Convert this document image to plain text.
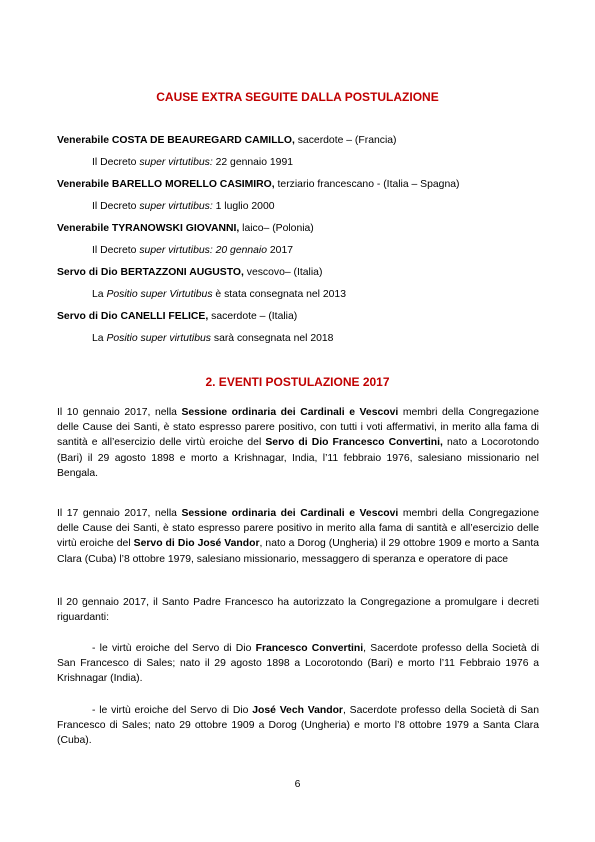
CAUSE EXTRA SEGUITE DALLA POSTULAZIONE
Venerabile COSTA DE BEAUREGARD CAMILLO, sacerdote – (Francia)
Il Decreto super virtutibus: 22 gennaio 1991
Venerabile BARELLO MORELLO CASIMIRO, terziario francescano - (Italia – Spagna)
Il Decreto super virtutibus: 1 luglio 2000
Venerabile TYRANOWSKI GIOVANNI, laico– (Polonia)
Il Decreto super virtutibus: 20 gennaio 2017
Servo di Dio BERTAZZONI AUGUSTO, vescovo– (Italia)
La Positio super Virtutibus è stata consegnata nel 2013
Servo di Dio CANELLI FELICE, sacerdote – (Italia)
La Positio super virtutibus sarà consegnata nel 2018
2. EVENTI POSTULAZIONE 2017
Il 10 gennaio 2017, nella Sessione ordinaria dei Cardinali e Vescovi membri della Congregazione delle Cause dei Santi, è stato espresso parere positivo, con tutti i voti affermativi, in merito alla fama di santità e all’esercizio delle virtù eroiche del Servo di Dio Francesco Convertini, nato a Locorotondo (Bari) il 29 agosto 1898 e morto a Krishnagar, India, l’11 febbraio 1976, salesiano missionario nel Bengala.
Il 17 gennaio 2017, nella Sessione ordinaria dei Cardinali e Vescovi membri della Congregazione delle Cause dei Santi, è stato espresso parere positivo in merito alla fama di santità e all’esercizio delle virtù eroiche del Servo di Dio José Vandor, nato a Dorog (Ungheria) il 29 ottobre 1909 e morto a Santa Clara (Cuba) l’8 ottobre 1979, salesiano missionario, messaggero di speranza e operatore di pace
Il 20 gennaio 2017, il Santo Padre Francesco ha autorizzato la Congregazione a promulgare i decreti riguardanti:
- le virtù eroiche del Servo di Dio Francesco Convertini, Sacerdote professo della Società di San Francesco di Sales; nato il 29 agosto 1898 a Locorotondo (Bari) e morto l’11 Febbraio 1976 a Krishnagar (India).
- le virtù eroiche del Servo di Dio José Vech Vandor, Sacerdote professo della Società di San Francesco di Sales; nato 29 ottobre 1909 a Dorog (Ungheria) e morto l’8 ottobre 1979 a Santa Clara (Cuba).
6
